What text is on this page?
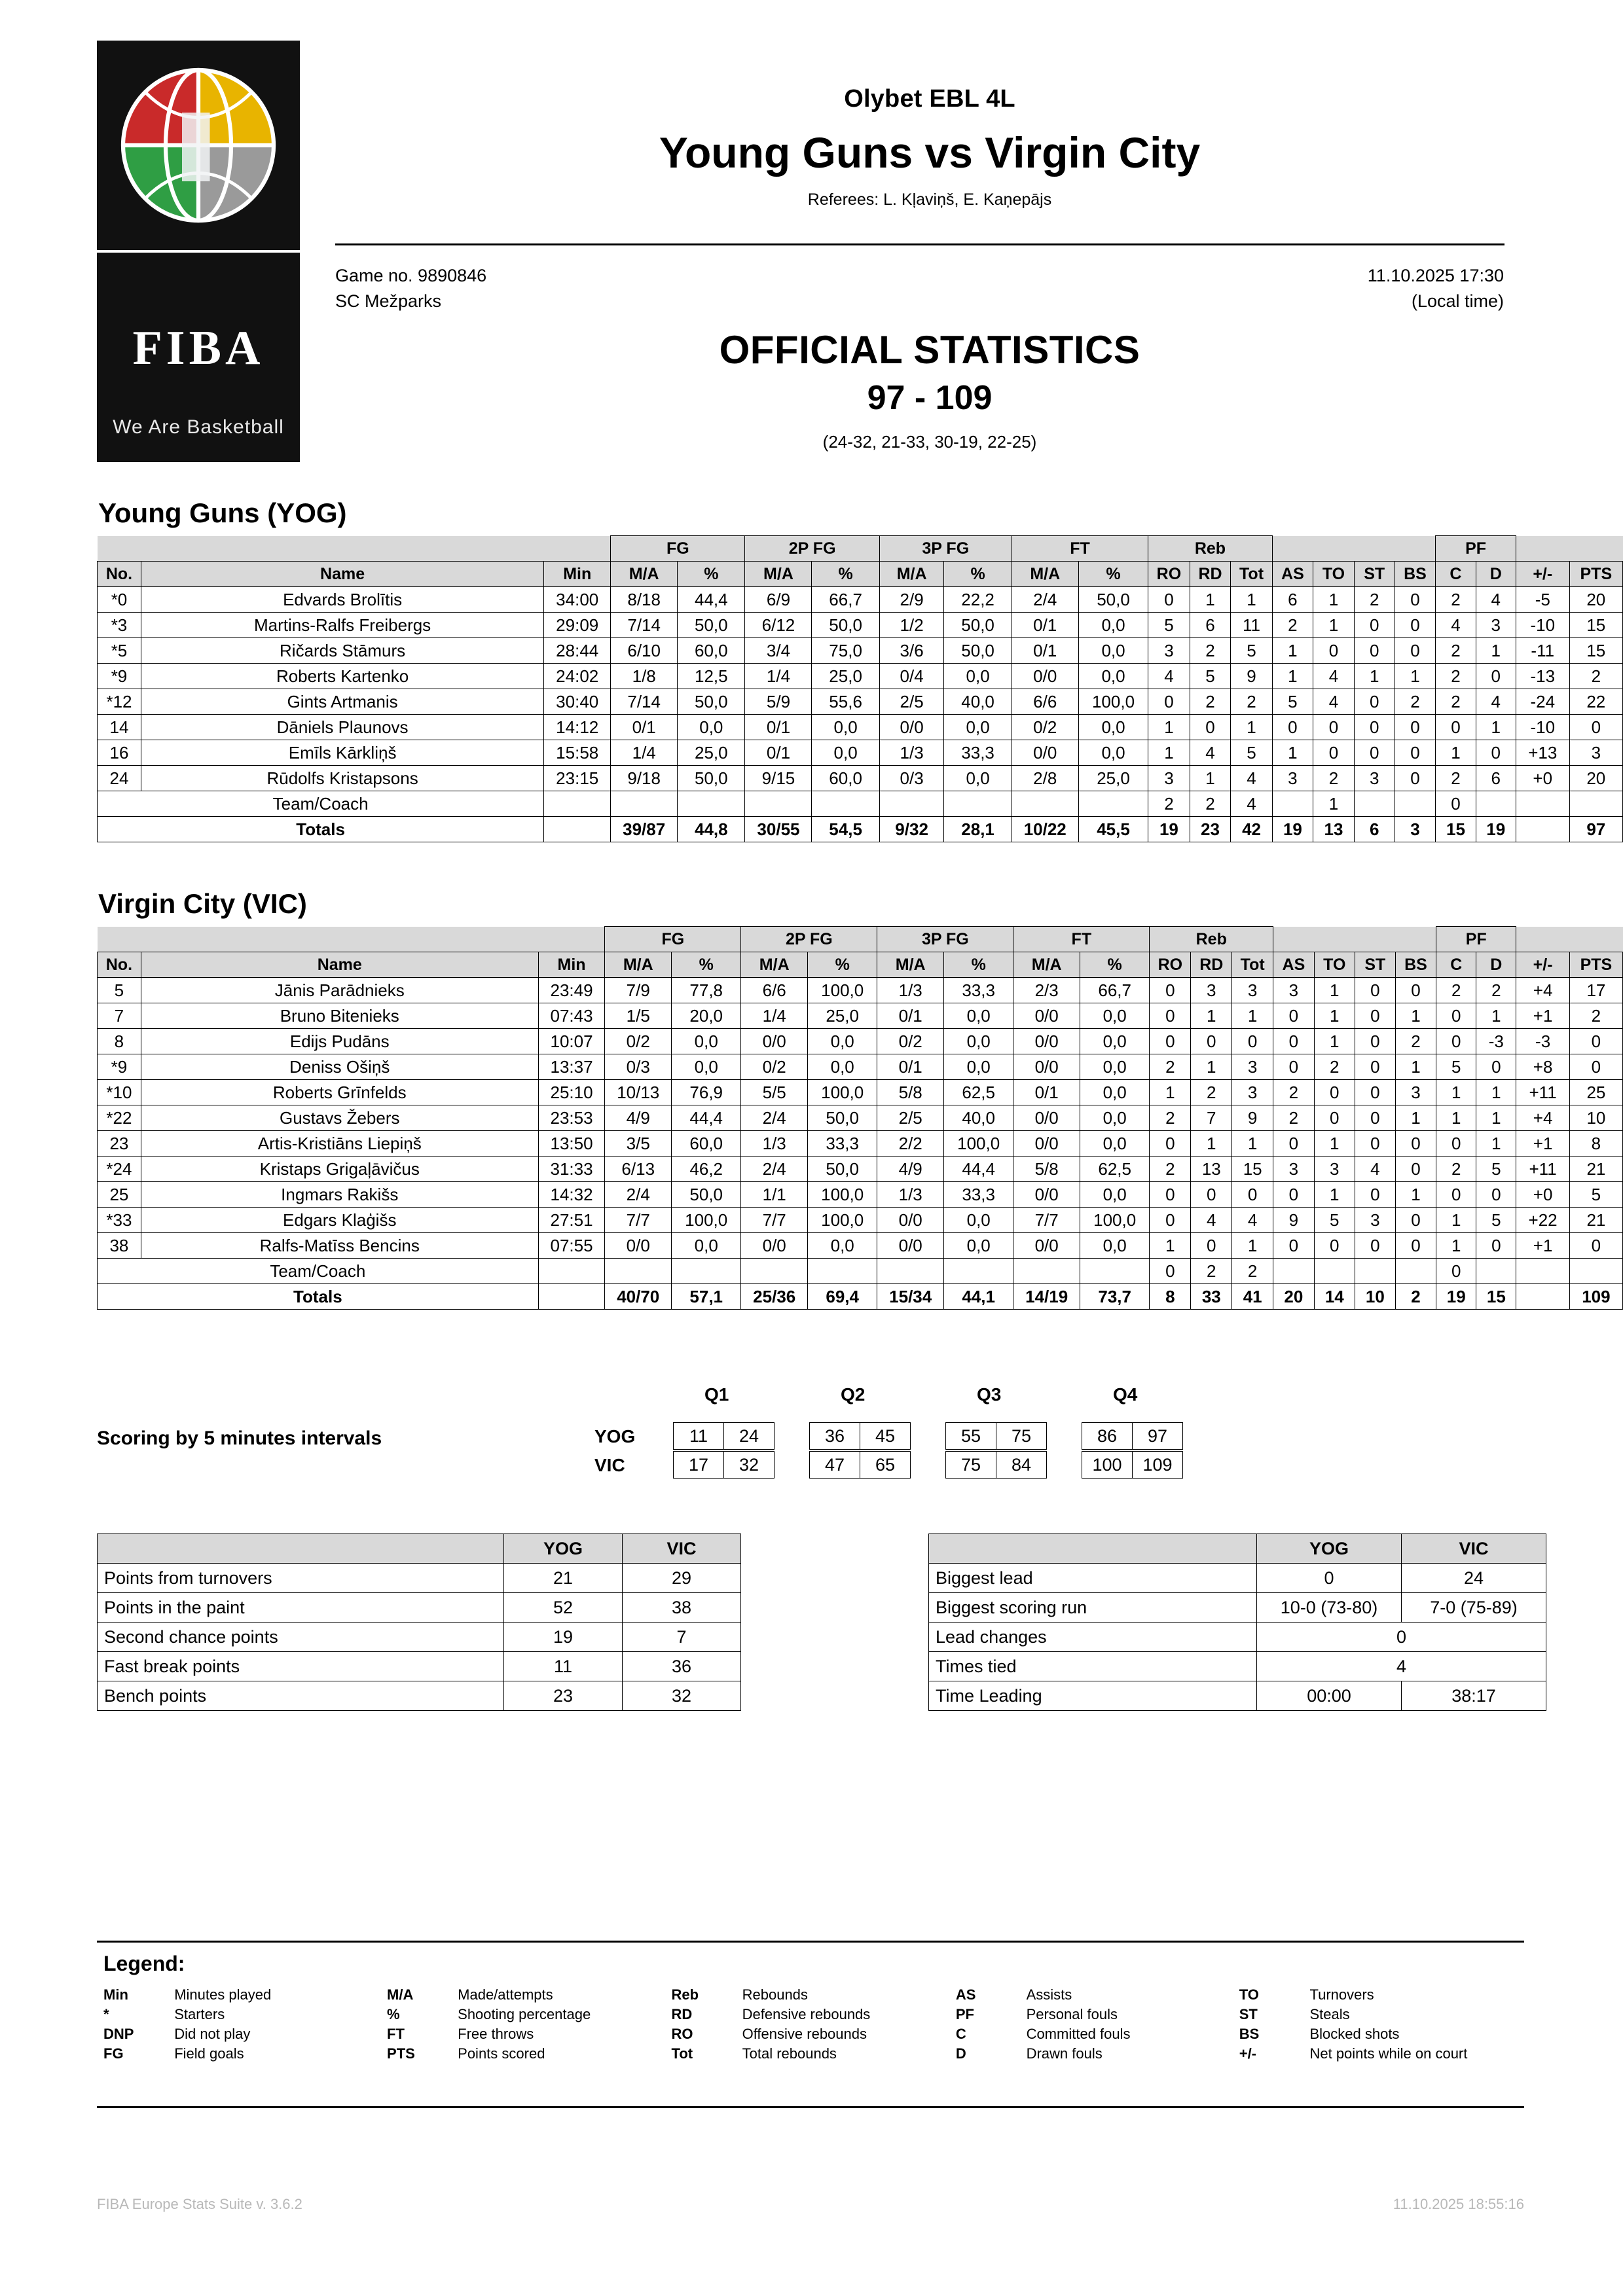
FIBA
We Are Basketball
Olybet EBL 4L
Young Guns vs Virgin City
Referees: L. Kļaviņš, E. Kaņepājs
Game no. 9890846
SC Mežparks
11.10.2025 17:30
(Local time)
OFFICIAL STATISTICS
97 - 109
(24-32, 21-33, 30-19, 22-25)
Young Guns (YOG)
			FG		2P FG		3P FG		FT		Reb							PF			
No.	Name	Min	M/A	%	M/A	%	M/A	%	M/A	%	RO	RD	Tot	AS	TO	ST	BS	C	D	+/-	PTS
*0	Edvards Brolītis	34:00	8/18	44,4	6/9	66,7	2/9	22,2	2/4	50,0	0	1	1	6	1	2	0	2	4	-5	20
*3	Martins-Ralfs Freibergs	29:09	7/14	50,0	6/12	50,0	1/2	50,0	0/1	0,0	5	6	11	2	1	0	0	4	3	-10	15
*5	Ričards Stāmurs	28:44	6/10	60,0	3/4	75,0	3/6	50,0	0/1	0,0	3	2	5	1	0	0	0	2	1	-11	15
*9	Roberts Kartenko	24:02	1/8	12,5	1/4	25,0	0/4	0,0	0/0	0,0	4	5	9	1	4	1	1	2	0	-13	2
*12	Gints Artmanis	30:40	7/14	50,0	5/9	55,6	2/5	40,0	6/6	100,0	0	2	2	5	4	0	2	2	4	-24	22
14	Dāniels Plaunovs	14:12	0/1	0,0	0/1	0,0	0/0	0,0	0/2	0,0	1	0	1	0	0	0	0	0	1	-10	0
16	Emīls Kārkliņš	15:58	1/4	25,0	0/1	0,0	1/3	33,3	0/0	0,0	1	4	5	1	0	0	0	1	0	+13	3
24	Rūdolfs Kristapsons	23:15	9/18	50,0	9/15	60,0	0/3	0,0	2/8	25,0	3	1	4	3	2	3	0	2	6	+0	20
Team/Coach											2	2	4		1			0			
Totals			39/87	44,8	30/55	54,5	9/32	28,1	10/22	45,5	19	23	42	19	13	6	3	15	19		97
Virgin City (VIC)
			FG		2P FG		3P FG		FT		Reb							PF			
No.	Name	Min	M/A	%	M/A	%	M/A	%	M/A	%	RO	RD	Tot	AS	TO	ST	BS	C	D	+/-	PTS
5	Jānis Parādnieks	23:49	7/9	77,8	6/6	100,0	1/3	33,3	2/3	66,7	0	3	3	3	1	0	0	2	2	+4	17
7	Bruno Bitenieks	07:43	1/5	20,0	1/4	25,0	0/1	0,0	0/0	0,0	0	1	1	0	1	0	1	0	1	+1	2
8	Edijs Pudāns	10:07	0/2	0,0	0/0	0,0	0/2	0,0	0/0	0,0	0	0	0	0	1	0	2	0	-3	-3	0
*9	Deniss Ošiņš	13:37	0/3	0,0	0/2	0,0	0/1	0,0	0/0	0,0	2	1	3	0	2	0	1	5	0	+8	0
*10	Roberts Grīnfelds	25:10	10/13	76,9	5/5	100,0	5/8	62,5	0/1	0,0	1	2	3	2	0	0	3	1	1	+11	25
*22	Gustavs Žebers	23:53	4/9	44,4	2/4	50,0	2/5	40,0	0/0	0,0	2	7	9	2	0	0	1	1	1	+4	10
23	Artis-Kristiāns Liepiņš	13:50	3/5	60,0	1/3	33,3	2/2	100,0	0/0	0,0	0	1	1	0	1	0	0	0	1	+1	8
*24	Kristaps Grigaļāvičus	31:33	6/13	46,2	2/4	50,0	4/9	44,4	5/8	62,5	2	13	15	3	3	4	0	2	5	+11	21
25	Ingmars Rakišs	14:32	2/4	50,0	1/1	100,0	1/3	33,3	0/0	0,0	0	0	0	0	1	0	1	0	0	+0	5
*33	Edgars Klaģišs	27:51	7/7	100,0	7/7	100,0	0/0	0,0	7/7	100,0	0	4	4	9	5	3	0	1	5	+22	21
38	Ralfs-Matīss Bencins	07:55	0/0	0,0	0/0	0,0	0/0	0,0	0/0	0,0	1	0	1	0	0	0	0	1	0	+1	0
Team/Coach											0	2	2					0			
Totals			40/70	57,1	25/36	69,4	15/34	44,1	14/19	73,7	8	33	41	20	14	10	2	19	15		109
Scoring by 5 minutes intervals
Q1	Q2	Q3	Q4
YOG	11	24	36	45	55	75	86	97
VIC	17	32	47	65	75	84	100	109
	YOG	VIC
Points from turnovers	21	29
Points in the paint	52	38
Second chance points	19	7
Fast break points	11	36
Bench points	23	32
	YOG	VIC
Biggest lead	0	24
Biggest scoring run	10-0 (73-80)	7-0 (75-89)
Lead changes	0	
Times tied	4	
Time Leading	00:00	38:17
Legend:
Min	Minutes played	M/A	Made/attempts	Reb	Rebounds	AS	Assists	TO	Turnovers
*	Starters	%	Shooting percentage	RD	Defensive rebounds	PF	Personal fouls	ST	Steals
DNP	Did not play	FT	Free throws	RO	Offensive rebounds	C	Committed fouls	BS	Blocked shots
FG	Field goals	PTS	Points scored	Tot	Total rebounds	D	Drawn fouls	+/-	Net points while on court
FIBA Europe Stats Suite v. 3.6.2	11.10.2025 18:55:16
